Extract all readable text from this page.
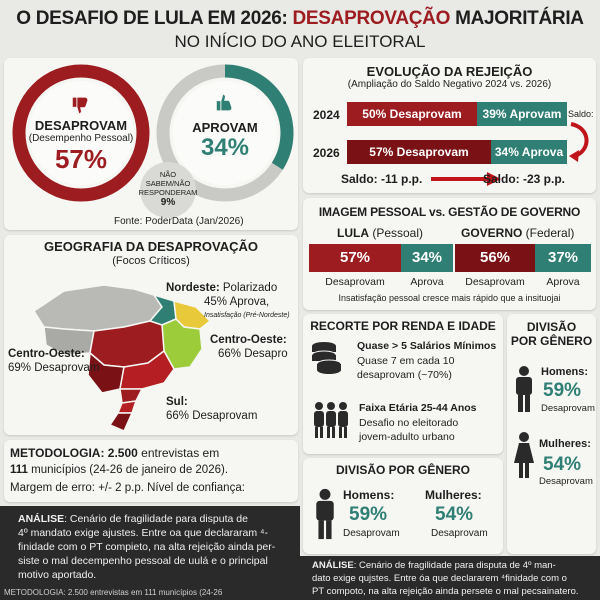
O DESAFIO DE LULA EM 2026: DESAPROVAÇÃO MAJORITÁRIA
NO INÍCIO DO ANO ELEITORAL
DESAPROVAM
(Desempenho Pessoal)
57%
APROVAM
34%
NÃO
SABEM/NÃO
RESPONDERAM
9%
Fonte: PoderData (Jan/2026)
EVOLUÇÃO DA REJEIÇÃO
(Ampliação do Saldo Negativo 2024 vs. 2026)
2024	50% Desaprovam	39% Aprovam Saldo:
2026	57% Desaprovam	34% Aprova
Saldo: -11 p.p.	Saldo: -23 p.p.
IMAGEM PESSOAL vs. GESTÃO DE GOVERNO
LULA (Pessoal)	GOVERNO (Federal)
57%	34%	56%	37%
Desaprovam	Aprova	Desaprovam	Aprova
Insatisfação pessoal cresce mais rápido que a insituojai
GEOGRAFIA DA DESAPROVAÇÃO
(Focos Críticos)
Nordeste: Polarizado
45% Aprova,
Insatisfação (Pré-Nordeste)
Centro-Oeste:
66% Desapro
Centro-Oeste:
69% Desaprovam
Sul:
66% Desaprovam
RECORTE POR RENDA E IDADE
Quase > 5 Salários Mínimos
Quase 7 em cada 10
desaprovam (~70%)
Faixa Etária 25-44 Anos
Desafio no eleitorado
jovem-adulto urbano
DIVISÃO
POR GÊNERO
Homens:
59%
Desaprovam
Mulheres:
54%
Desaprovam
DIVISÃO POR GÊNERO
Homens:
59%
Desaprovam
Mulheres:
54%
Desaprovam
METODOLOGIA: 2.500 entrevistas em
111 municípios (24-26 de janeiro de 2026).
Margem de erro: +/- 2 p.p. Nível de confiança:
ANÁLISE: Cenário de fragilidade para disputa de
4º mandato exige ajustes. Entre oa que declararam ⁴-
finidade com o PT compieto, na alta rejeição ainda per-
siste o mal decempenho pessoal de uulá e o principal
motivo aportado.
METODOLOGIA: 2.500 entrevistas em 111 municípios (24-26
ANÁLISE: Cenário de fragilidade para disputa de 4º man-
dato exige qujstes. Entre óa que declararem ⁴finidade com o
PT compoto, na alta rejeição ainda persete o mal pecsainatero.
